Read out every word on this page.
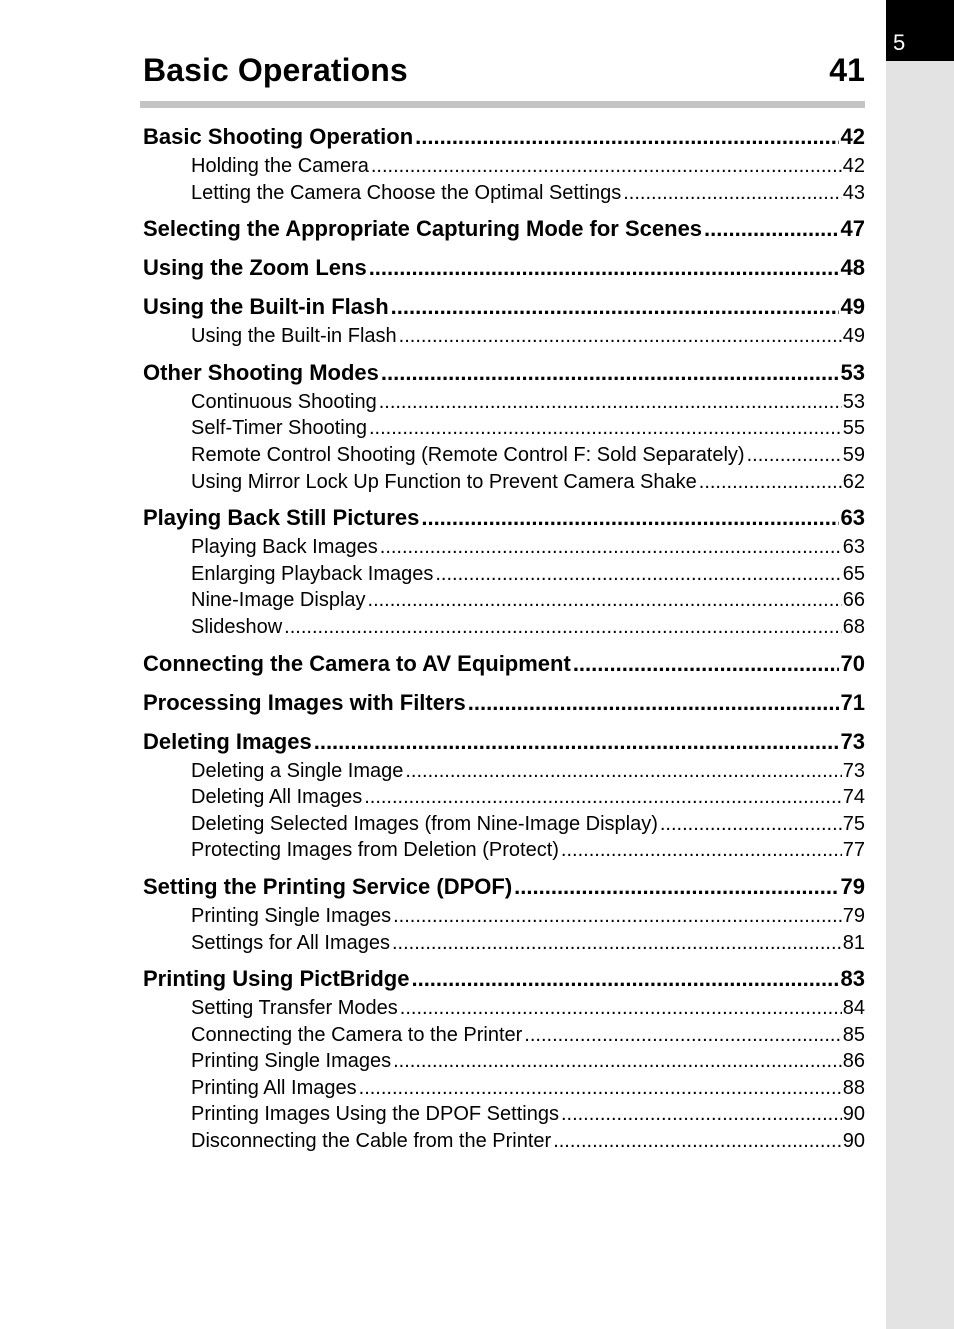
5
Basic Operations	41
Basic Shooting Operation .....	42
Holding the Camera .....	42
Letting the Camera Choose the Optimal Settings .....	43
Selecting the Appropriate Capturing Mode for Scenes .....	47
Using the Zoom Lens .....	48
Using the Built-in Flash .....	49
Using the Built-in Flash .....	49
Other Shooting Modes .....	53
Continuous Shooting .....	53
Self-Timer Shooting .....	55
Remote Control Shooting (Remote Control F: Sold Separately) .....	59
Using Mirror Lock Up Function to Prevent Camera Shake .....	62
Playing Back Still Pictures .....	63
Playing Back Images .....	63
Enlarging Playback Images .....	65
Nine-Image Display .....	66
Slideshow .....	68
Connecting the Camera to AV Equipment .....	70
Processing Images with Filters .....	71
Deleting Images .....	73
Deleting a Single Image .....	73
Deleting All Images .....	74
Deleting Selected Images (from Nine-Image Display) .....	75
Protecting Images from Deletion (Protect) .....	77
Setting the Printing Service (DPOF) .....	79
Printing Single Images .....	79
Settings for All Images .....	81
Printing Using PictBridge .....	83
Setting Transfer Modes .....	84
Connecting the Camera to the Printer .....	85
Printing Single Images .....	86
Printing All Images .....	88
Printing Images Using the DPOF Settings .....	90
Disconnecting the Cable from the Printer .....	90
